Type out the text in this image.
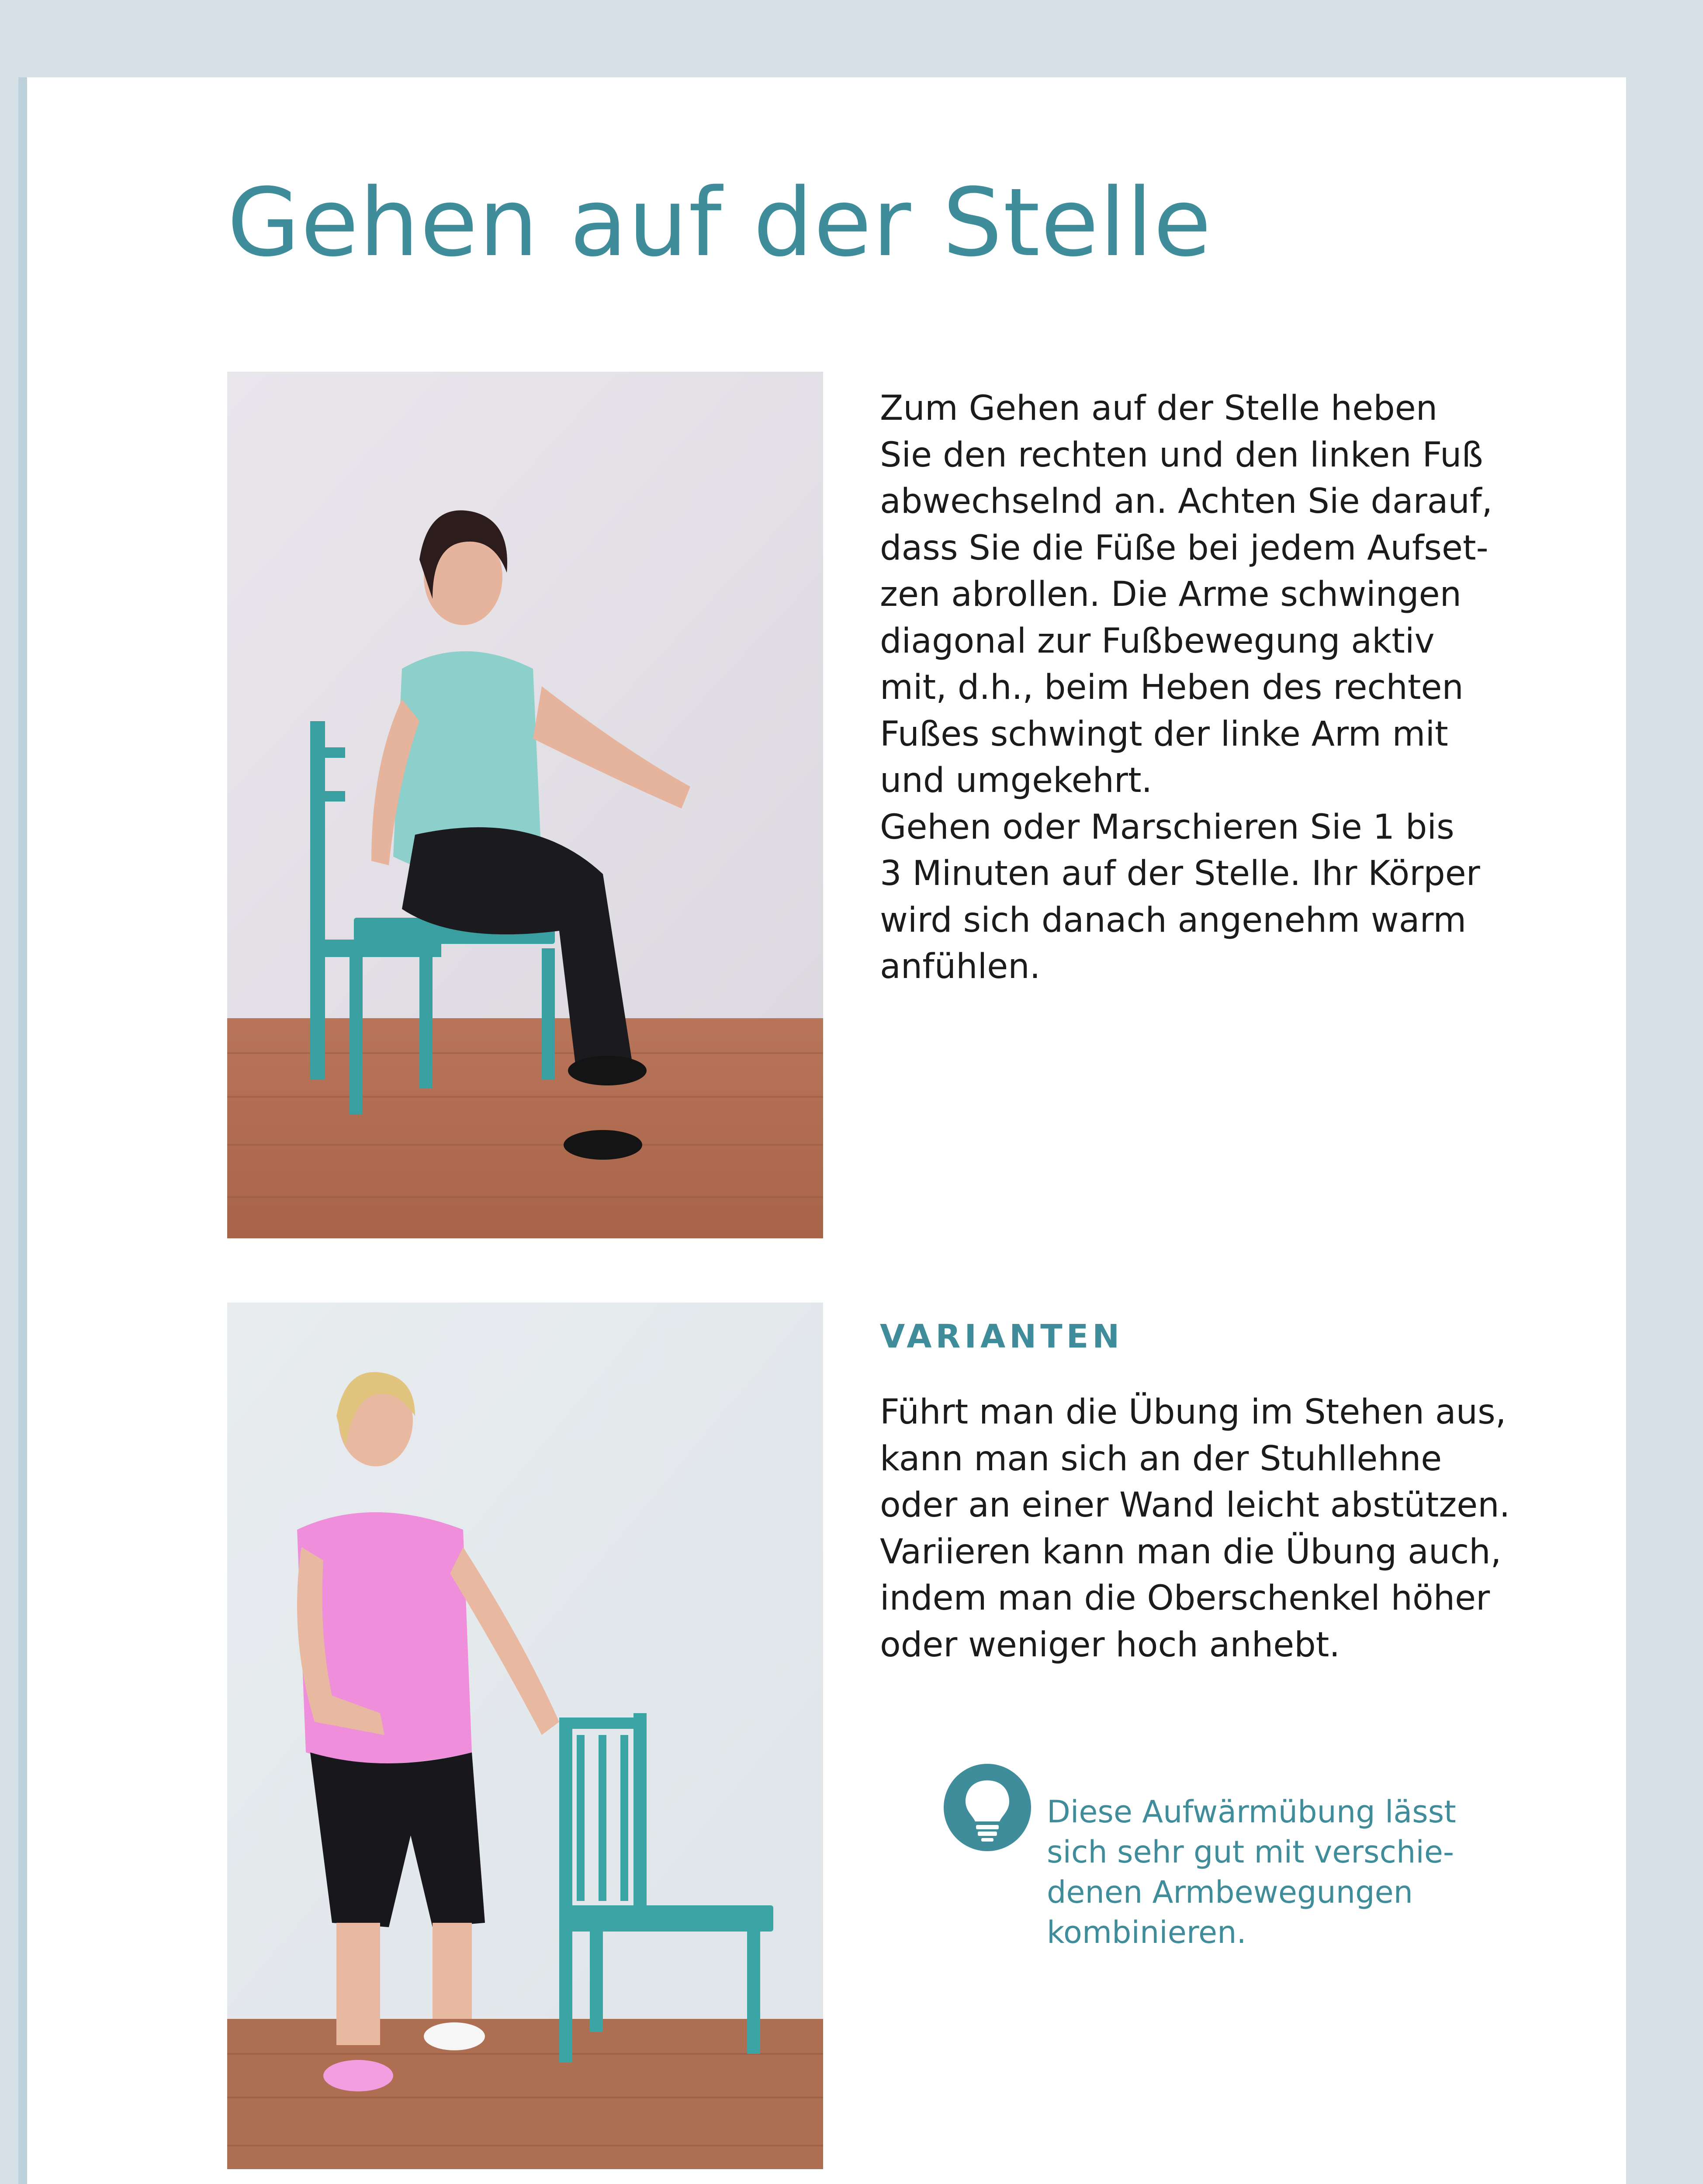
Gehen auf der Stelle
Zum Gehen auf der Stelle heben
Sie den rechten und den linken Fuß
abwechselnd an. Achten Sie darauf,
dass Sie die Füße bei jedem Aufset-
zen abrollen. Die Arme schwingen
diagonal zur Fußbewegung aktiv
mit, d.h., beim Heben des rechten
Fußes schwingt der linke Arm mit
und umgekehrt.
Gehen oder Marschieren Sie 1 bis
3 Minuten auf der Stelle. Ihr Körper
wird sich danach angenehm warm
anfühlen.
VARIANTEN
Führt man die Übung im Stehen aus,
kann man sich an der Stuhllehne
oder an einer Wand leicht abstützen.
Variieren kann man die Übung auch,
indem man die Oberschenkel höher
oder weniger hoch anhebt.
Diese Aufwärmübung lässt
sich sehr gut mit verschie-
denen Armbewegungen
kombinieren.
